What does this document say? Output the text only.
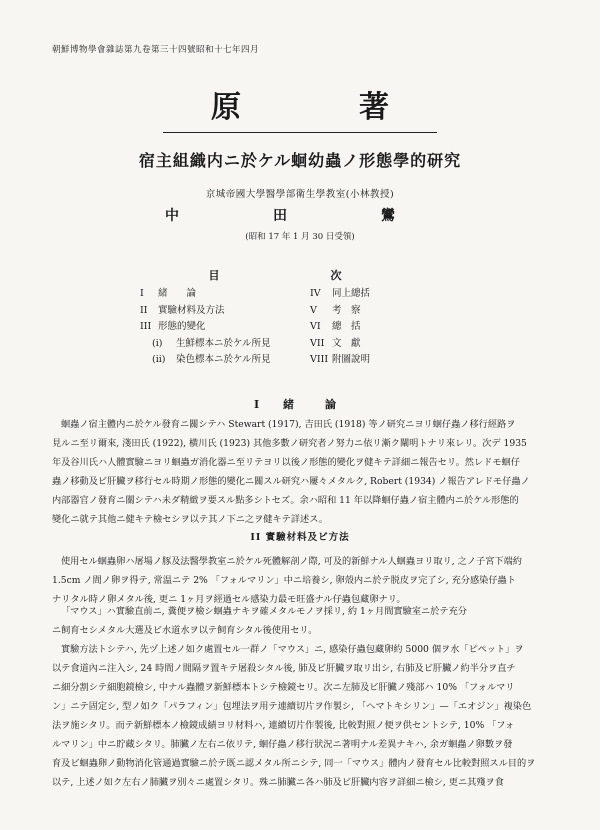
朝鮮博物學會雜誌第九卷第三十四號昭和十七年四月
原　著
宿主組織内ニ於ケル蛔幼蟲ノ形態學的研究
京城帝國大學醫學部衛生學教室(小林教授)
中　田　鸞
(昭和 17 年 1 月 30 日受領)
目　次
I 緒　　論
II 實驗材料及方法
III 形態的變化
(i) 生鮮標本ニ於ケル所見
(ii) 染色標本ニ於ケル所見
IV 同上總括
V 考　察
VI 總　括
VII 文　獻
VIII 附圖說明
I 緒　論
蛔蟲ノ宿主體内ニ於ケル發育ニ關シテハ Stewart (1917), 吉田氏 (1918) 等ノ研究ニヨリ蛔仔蟲ノ移行經路ヲ
見ルニ至リ爾來, 淺田氏 (1922), 横川氏 (1923) 其他多數ノ研究者ノ努力ニ依リ漸ク闡明トナリ來レリ。次デ 1935
年及谷川氏ハ人體實驗ニヨリ蛔蟲ガ消化器ニ至リテヨリ以後ノ形態的變化ヲ健キテ詳細ニ報告セリ。然レドモ蛔仔
蟲ノ移動及ビ肝臟ヲ移行セル時期ノ形態的變化ニ關スル研究ハ屢々メタルク, Robert (1934) ノ報告アレドモ仔蟲ノ
内部器官ノ發育ニ關シテハ未ダ精緻ヲ要スル點多シトセズ。余ハ昭和 11 年以降蛔仔蟲ノ宿主體内ニ於ケル形態的
變化ニ就テ其他ニ健キテ檢セシヲ以テ其ノ下ニ之ヲ健キテ詳述ス。
II 實驗材料及ビ方法
使用セル蛔蟲卵ハ屠場ノ豚及法醫學教室ニ於ケル死體解剖ノ際, 可及的新鮮ナル人蛔蟲ヨリ取リ, 之ノ子宮下端約
1.5cm ノ間ノ卵ヲ得テ, 常温ニテ 2% 「フォルマリン」中ニ培養シ, 卵殼内ニ於テ脱皮ヲ完了シ, 充分感染仔蟲ト
ナリタル時ノ卵メタル後, 更ニ 1ヶ月ヲ經過セル感染力最モ旺盛ナル仔蟲包藏卵ナリ。
「マウス」ハ實驗直前ニ, 糞便ヲ檢シ蛔蟲ナキヲ確メタルモノヲ採リ, 約 1ヶ月間實驗室ニ於テ充分
ニ飼育セシメタル大選及ビ水道水ヲ以テ飼育シタル後使用セリ。
實驗方法トシテハ, 先ヅ上述ノ如ク處置セル一群ノ「マウス」ニ, 感染仔蟲包藏卵約 5000 個ヲ水「ピペット」ヲ
以テ食道內ニ注入シ, 24 時間ノ間隔ヲ置キテ屠殺シタル後, 肺及ビ肝臟ヲ取リ出シ, 右肺及ビ肝臟ノ約半分ヲ直チ
ニ細分割シテ細胞鏡檢シ, 中ナル蟲體ヲ新鮮標本トシテ檢鏡セリ。次ニ左肺及ビ肝臟ノ殘部ハ 10% 「フォルマリ
ン」ニテ固定シ, 型ノ如ク「パラフィン」包埋法ヲ用テ連續切片ヲ作製シ, 「ヘマトキシリン」—「エオジン」複染色
法ヲ施シタリ。而テ新鮮標本ノ檢鏡成績ヨリ材料ハ, 連續切片作製後, 比較對照ノ便ヲ供セントシテ, 10% 「フォ
ルマリン」中ニ貯藏シタリ。肺臟ノ左右ニ依リテ, 蛔仔蟲ノ移行狀況ニ著明ナル差異ナキハ, 余ガ蛔蟲ノ卵數ヲ發
育及ビ蛔蟲卵ノ動物消化管通過實驗ニ於テ既ニ認メタル所ニシテ, 同一「マウス」體内ノ發育セル比較對照スル目的ヲ
以テ, 上述ノ如ク左右ノ肺臟ヲ別々ニ處置シタリ。殊ニ肺臟ニ各ハ肺及ビ肝臟内容ヲ詳細ニ檢シ, 更ニ其殘ヲ食
